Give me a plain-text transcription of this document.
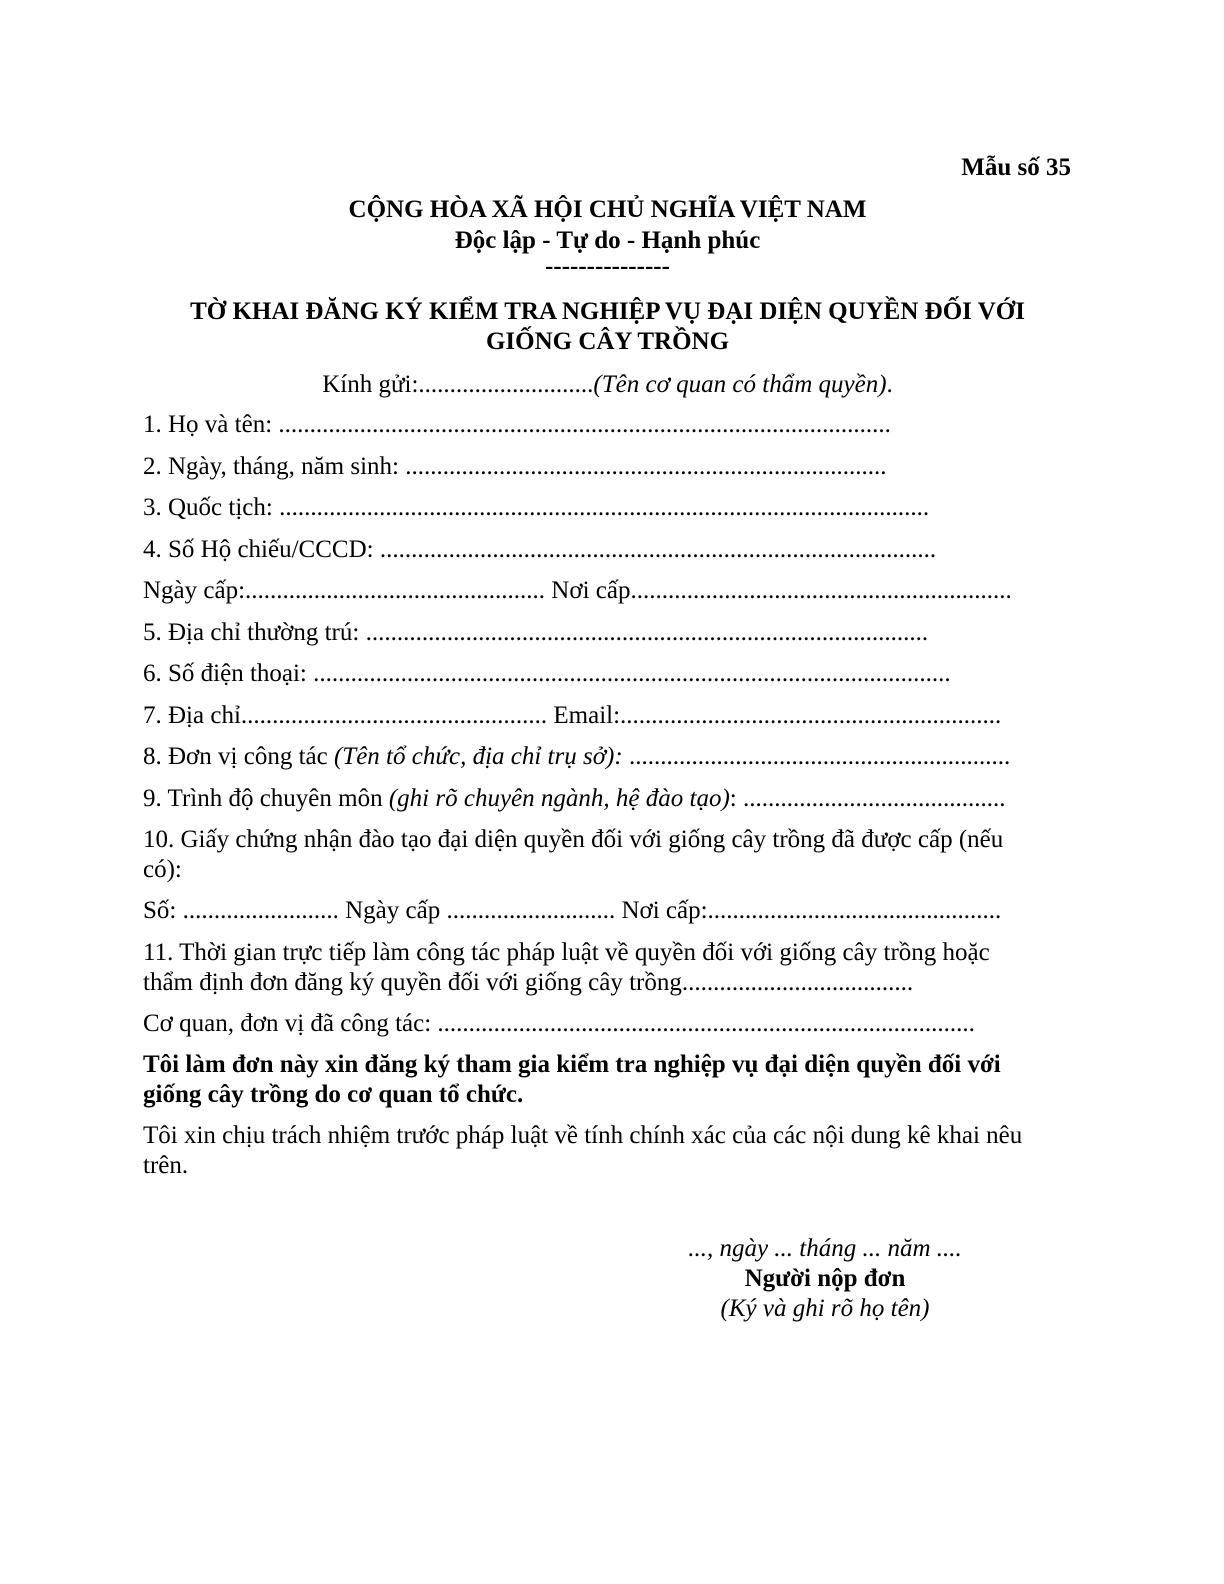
Mẫu số 35
CỘNG HÒA XÃ HỘI CHỦ NGHĨA VIỆT NAM
Độc lập - Tự do - Hạnh phúc
---------------
TỜ KHAI ĐĂNG KÝ KIỂM TRA NGHIỆP VỤ ĐẠI DIỆN QUYỀN ĐỐI VỚI
GIỐNG CÂY TRỒNG
Kính gửi:............................(Tên cơ quan có thẩm quyền).
1. Họ và tên: ..................................................................................................
2. Ngày, tháng, năm sinh: .............................................................................
3. Quốc tịch: ........................................................................................................
4. Số Hộ chiếu/CCCD: .........................................................................................
Ngày cấp:................................................ Nơi cấp.............................................................
5. Địa chỉ thường trú: ..........................................................................................
6. Số điện thoại: ......................................................................................................
7. Địa chỉ................................................. Email:.............................................................
8. Đơn vị công tác (Tên tổ chức, địa chỉ trụ sở): .............................................................
9. Trình độ chuyên môn (ghi rõ chuyên ngành, hệ đào tạo): ..........................................
10. Giấy chứng nhận đào tạo đại diện quyền đối với giống cây trồng đã được cấp (nếu
có):
Số: ......................... Ngày cấp ........................... Nơi cấp:...............................................
11. Thời gian trực tiếp làm công tác pháp luật về quyền đối với giống cây trồng hoặc
thẩm định đơn đăng ký quyền đối với giống cây trồng.....................................
Cơ quan, đơn vị đã công tác: ......................................................................................
Tôi làm đơn này xin đăng ký tham gia kiểm tra nghiệp vụ đại diện quyền đối với
giống cây trồng do cơ quan tổ chức.
Tôi xin chịu trách nhiệm trước pháp luật về tính chính xác của các nội dung kê khai nêu
trên.
..., ngày ... tháng ... năm ....
Người nộp đơn
(Ký và ghi rõ họ tên)
